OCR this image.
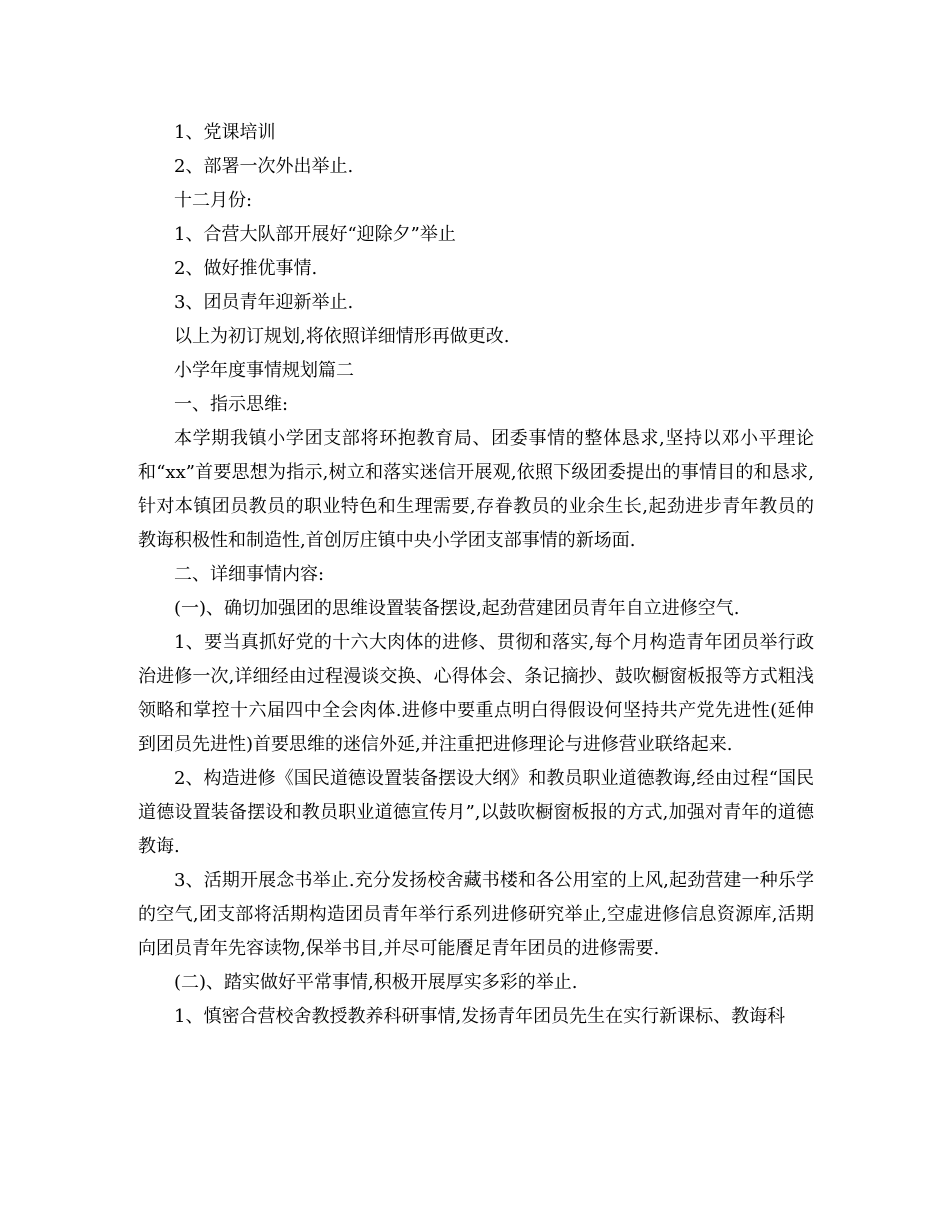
1、党课培训

2、部署一次外出举止.

十二月份:

1、合营大队部开展好“迎除夕”举止

2、做好推优事情.

3、团员青年迎新举止.

以上为初订规划,将依照详细情形再做更改.

小学年度事情规划篇二

一、指示思维:

本学期我镇小学团支部将环抱教育局、团委事情的整体恳求,坚持以邓小平理论和“xx”首要思想为指示,树立和落实迷信开展观,依照下级团委提出的事情目的和恳求,针对本镇团员教员的职业特色和生理需要,存眷教员的业余生长,起劲进步青年教员的教诲积极性和制造性,首创厉庄镇中央小学团支部事情的新场面.

二、详细事情内容:

(一)、确切加强团的思维设置装备摆设,起劲营建团员青年自立进修空气.

1、要当真抓好党的十六大肉体的进修、贯彻和落实,每个月构造青年团员举行政治进修一次,详细经由过程漫谈交换、心得体会、条记摘抄、鼓吹橱窗板报等方式粗浅领略和掌控十六届四中全会肉体.进修中要重点明白得假设何坚持共产党先进性(延伸到团员先进性)首要思维的迷信外延,并注重把进修理论与进修营业联络起来.

2、构造进修《国民道德设置装备摆设大纲》和教员职业道德教诲,经由过程“国民道德设置装备摆设和教员职业道德宣传月”,以鼓吹橱窗板报的方式,加强对青年的道德教诲.

3、活期开展念书举止.充分发扬校舍藏书楼和各公用室的上风,起劲营建一种乐学的空气,团支部将活期构造团员青年举行系列进修研究举止,空虚进修信息资源库,活期向团员青年先容读物,保举书目,并尽可能餍足青年团员的进修需要.

(二)、踏实做好平常事情,积极开展厚实多彩的举止.

1、慎密合营校舍教授教养科研事情,发扬青年团员先生在实行新课标、教诲科
